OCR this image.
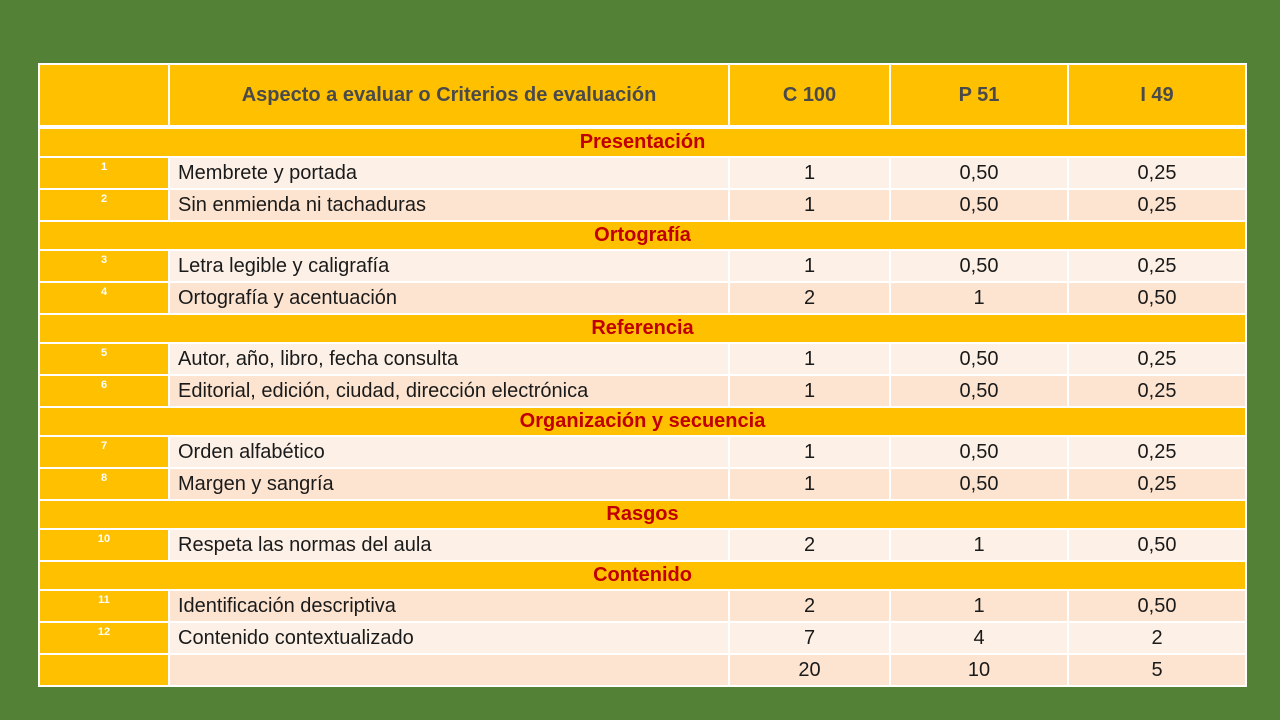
	Aspecto a evaluar o Criterios de evaluación	C 100	P 51	I 49
Presentación				
1	Membrete y portada	1	0,50	0,25
2	Sin enmienda ni tachaduras	1	0,50	0,25
Ortografía				
3	Letra legible y caligrafía	1	0,50	0,25
4	Ortografía y acentuación	2	1	0,50
Referencia				
5	Autor, año, libro, fecha consulta	1	0,50	0,25
6	Editorial, edición, ciudad, dirección electrónica	1	0,50	0,25
Organización y secuencia				
7	Orden alfabético	1	0,50	0,25
8	Margen y sangría	1	0,50	0,25
Rasgos				
10	Respeta las normas del aula	2	1	0,50
Contenido				
11	Identificación descriptiva	2	1	0,50
12	Contenido contextualizado	7	4	2
		20	10	5
